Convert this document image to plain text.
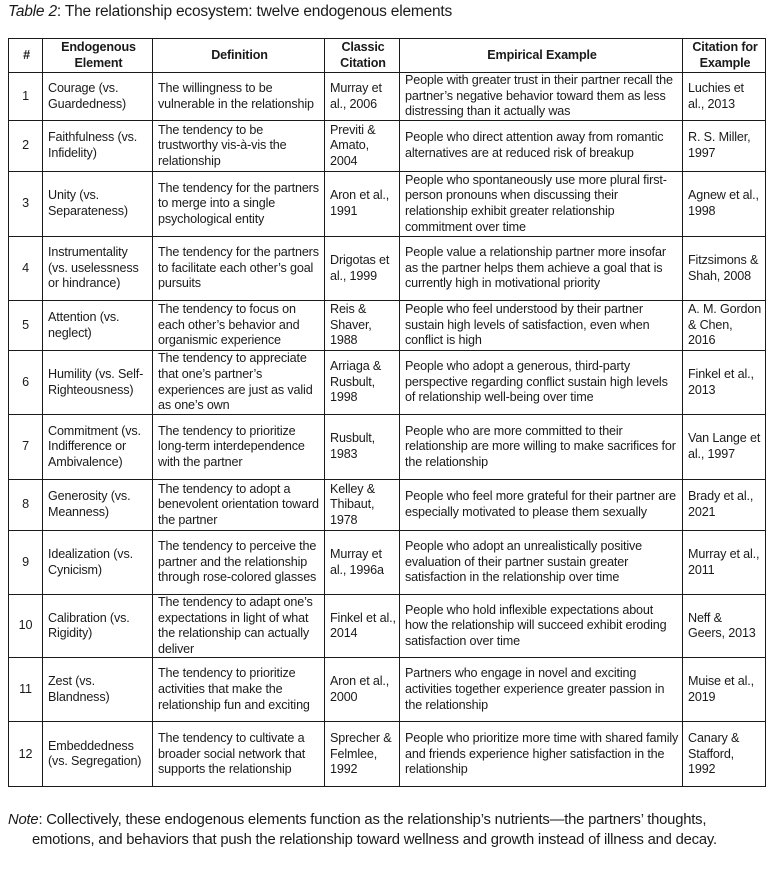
Table 2: The relationship ecosystem: twelve endogenous elements
#	Endogenous Element	Definition	Classic Citation	Empirical Example	Citation for Example
1	Courage (vs. Guardedness)	The willingness to be vulnerable in the relationship	Murray et al., 2006	People with greater trust in their partner recall the partner’s negative behavior toward them as less distressing than it actually was	Luchies et al., 2013
2	Faithfulness (vs. Infidelity)	The tendency to be trustworthy vis-à-vis the relationship	Previti & Amato, 2004	People who direct attention away from romantic alternatives are at reduced risk of breakup	R. S. Miller, 1997
3	Unity (vs. Separateness)	The tendency for the partners to merge into a single psychological entity	Aron et al., 1991	People who spontaneously use more plural first-person pronouns when discussing their relationship exhibit greater relationship commitment over time	Agnew et al., 1998
4	Instrumentality (vs. uselessness or hindrance)	The tendency for the partners to facilitate each other’s goal pursuits	Drigotas et al., 1999	People value a relationship partner more insofar as the partner helps them achieve a goal that is currently high in motivational priority	Fitzsimons & Shah, 2008
5	Attention (vs. neglect)	The tendency to focus on each other’s behavior and organismic experience	Reis & Shaver, 1988	People who feel understood by their partner sustain high levels of satisfaction, even when conflict is high	A. M. Gordon & Chen, 2016
6	Humility (vs. Self-Righteousness)	The tendency to appreciate that one’s partner’s experiences are just as valid as one’s own	Arriaga & Rusbult, 1998	People who adopt a generous, third-party perspective regarding conflict sustain high levels of relationship well-being over time	Finkel et al., 2013
7	Commitment (vs. Indifference or Ambivalence)	The tendency to prioritize long-term interdependence with the partner	Rusbult, 1983	People who are more committed to their relationship are more willing to make sacrifices for the relationship	Van Lange et al., 1997
8	Generosity (vs. Meanness)	The tendency to adopt a benevolent orientation toward the partner	Kelley & Thibaut, 1978	People who feel more grateful for their partner are especially motivated to please them sexually	Brady et al., 2021
9	Idealization (vs. Cynicism)	The tendency to perceive the partner and the relationship through rose-colored glasses	Murray et al., 1996a	People who adopt an unrealistically positive evaluation of their partner sustain greater satisfaction in the relationship over time	Murray et al., 2011
10	Calibration (vs. Rigidity)	The tendency to adapt one’s expectations in light of what the relationship can actually deliver	Finkel et al., 2014	People who hold inflexible expectations about how the relationship will succeed exhibit eroding satisfaction over time	Neff & Geers, 2013
11	Zest (vs. Blandness)	The tendency to prioritize activities that make the relationship fun and exciting	Aron et al., 2000	Partners who engage in novel and exciting activities together experience greater passion in the relationship	Muise et al., 2019
12	Embeddedness (vs. Segregation)	The tendency to cultivate a broader social network that supports the relationship	Sprecher & Felmlee, 1992	People who prioritize more time with shared family and friends experience higher satisfaction in the relationship	Canary & Stafford, 1992
Note: Collectively, these endogenous elements function as the relationship’s nutrients—the partners’ thoughts, emotions, and behaviors that push the relationship toward wellness and growth instead of illness and decay.
